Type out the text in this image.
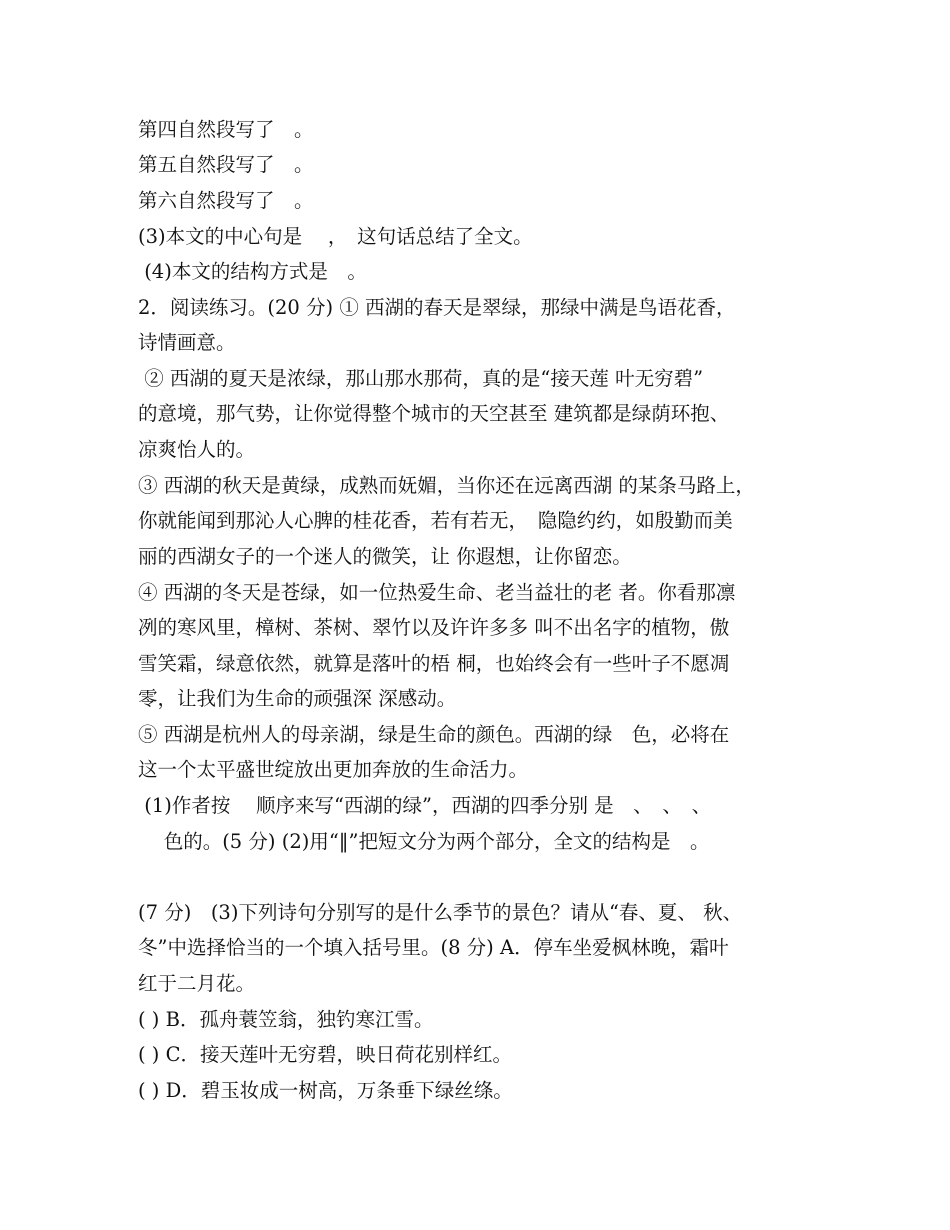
第四自然段写了　。
第五自然段写了　。
第六自然段写了　。
(3)本文的中心句是　 ，　这句话总结了全文。
(4)本文的结构方式是　。
2．阅读练习。(20 分) ① 西湖的春天是翠绿，那绿中满是鸟语花香，
诗情画意。
② 西湖的夏天是浓绿，那山那水那荷，真的是“接天莲 叶无穷碧”
的意境，那气势，让你觉得整个城市的天空甚至 建筑都是绿荫环抱、
凉爽怡人的。
③ 西湖的秋天是黄绿，成熟而妩媚，当你还在远离西湖 的某条马路上，
你就能闻到那沁人心脾的桂花香，若有若无，　隐隐约约，如殷勤而美
丽的西湖女子的一个迷人的微笑，让 你遐想，让你留恋。
④ 西湖的冬天是苍绿，如一位热爱生命、老当益壮的老 者。你看那凛
冽的寒风里，樟树、茶树、翠竹以及许许多多 叫不出名字的植物，傲
雪笑霜，绿意依然，就算是落叶的梧 桐，也始终会有一些叶子不愿凋
零，让我们为生命的顽强深 深感动。
⑤ 西湖是杭州人的母亲湖，绿是生命的颜色。西湖的绿　色，必将在
这一个太平盛世绽放出更加奔放的生命活力。
(1)作者按　 顺序来写“西湖的绿”，西湖的四季分别 是　、　、　、
　 色的。(5 分) (2)用“‖”把短文分为两个部分，全文的结构是　。
(7 分)　(3)下列诗句分别写的是什么季节的景色？请从“春、夏、 秋、
冬”中选择恰当的一个填入括号里。(8 分) A．停车坐爱枫林晚，霜叶
红于二月花。
( ) B．孤舟蓑笠翁，独钓寒江雪。
( ) C．接天莲叶无穷碧，映日荷花别样红。
( ) D．碧玉妆成一树高，万条垂下绿丝绦。
